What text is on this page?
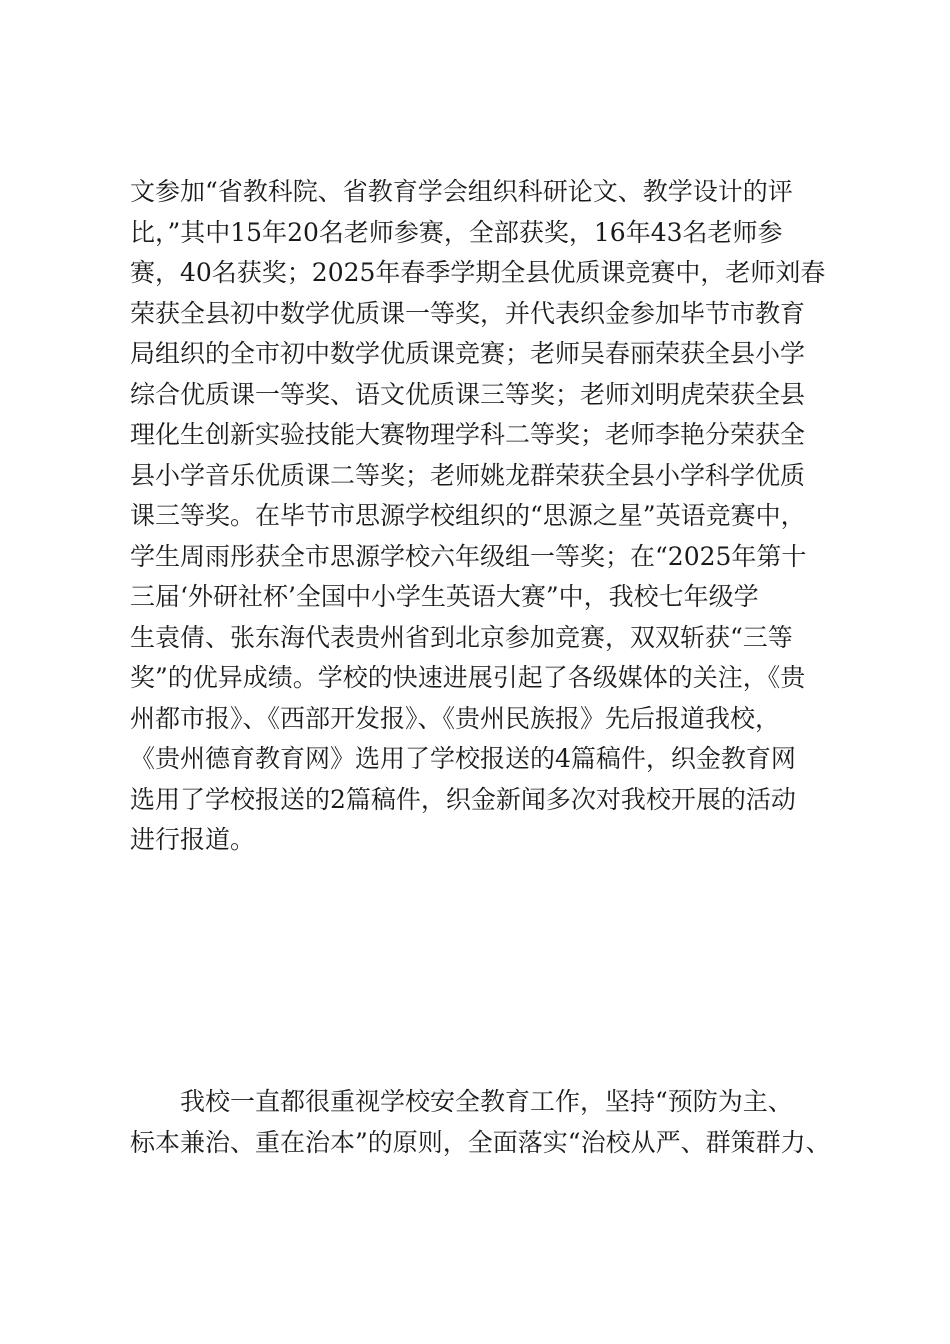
文参加“省教科院、省教育学会组织科研论文、教学设计的评
比，”其中15年20名老师参赛，全部获奖，16年43名老师参
赛，40名获奖；2025年春季学期全县优质课竞赛中，老师刘春
荣获全县初中数学优质课一等奖，并代表织金参加毕节市教育
局组织的全市初中数学优质课竞赛；老师吴春丽荣获全县小学
综合优质课一等奖、语文优质课三等奖；老师刘明虎荣获全县
理化生创新实验技能大赛物理学科二等奖；老师李艳分荣获全
县小学音乐优质课二等奖；老师姚龙群荣获全县小学科学优质
课三等奖。在毕节市思源学校组织的“思源之星”英语竞赛中，
学生周雨彤获全市思源学校六年级组一等奖；在“2025年第十
三届‘外研社杯’全国中小学生英语大赛”中，我校七年级学
生袁倩、张东海代表贵州省到北京参加竞赛，双双斩获“三等
奖”的优异成绩。学校的快速进展引起了各级媒体的关注，《贵
州都市报》、《西部开发报》、《贵州民族报》先后报道我校，
《贵州德育教育网》选用了学校报送的4篇稿件，织金教育网
选用了学校报送的2篇稿件，织金新闻多次对我校开展的活动
进行报道。
我校一直都很重视学校安全教育工作，坚持“预防为主、
标本兼治、重在治本”的原则，全面落实“治校从严、群策群力、
